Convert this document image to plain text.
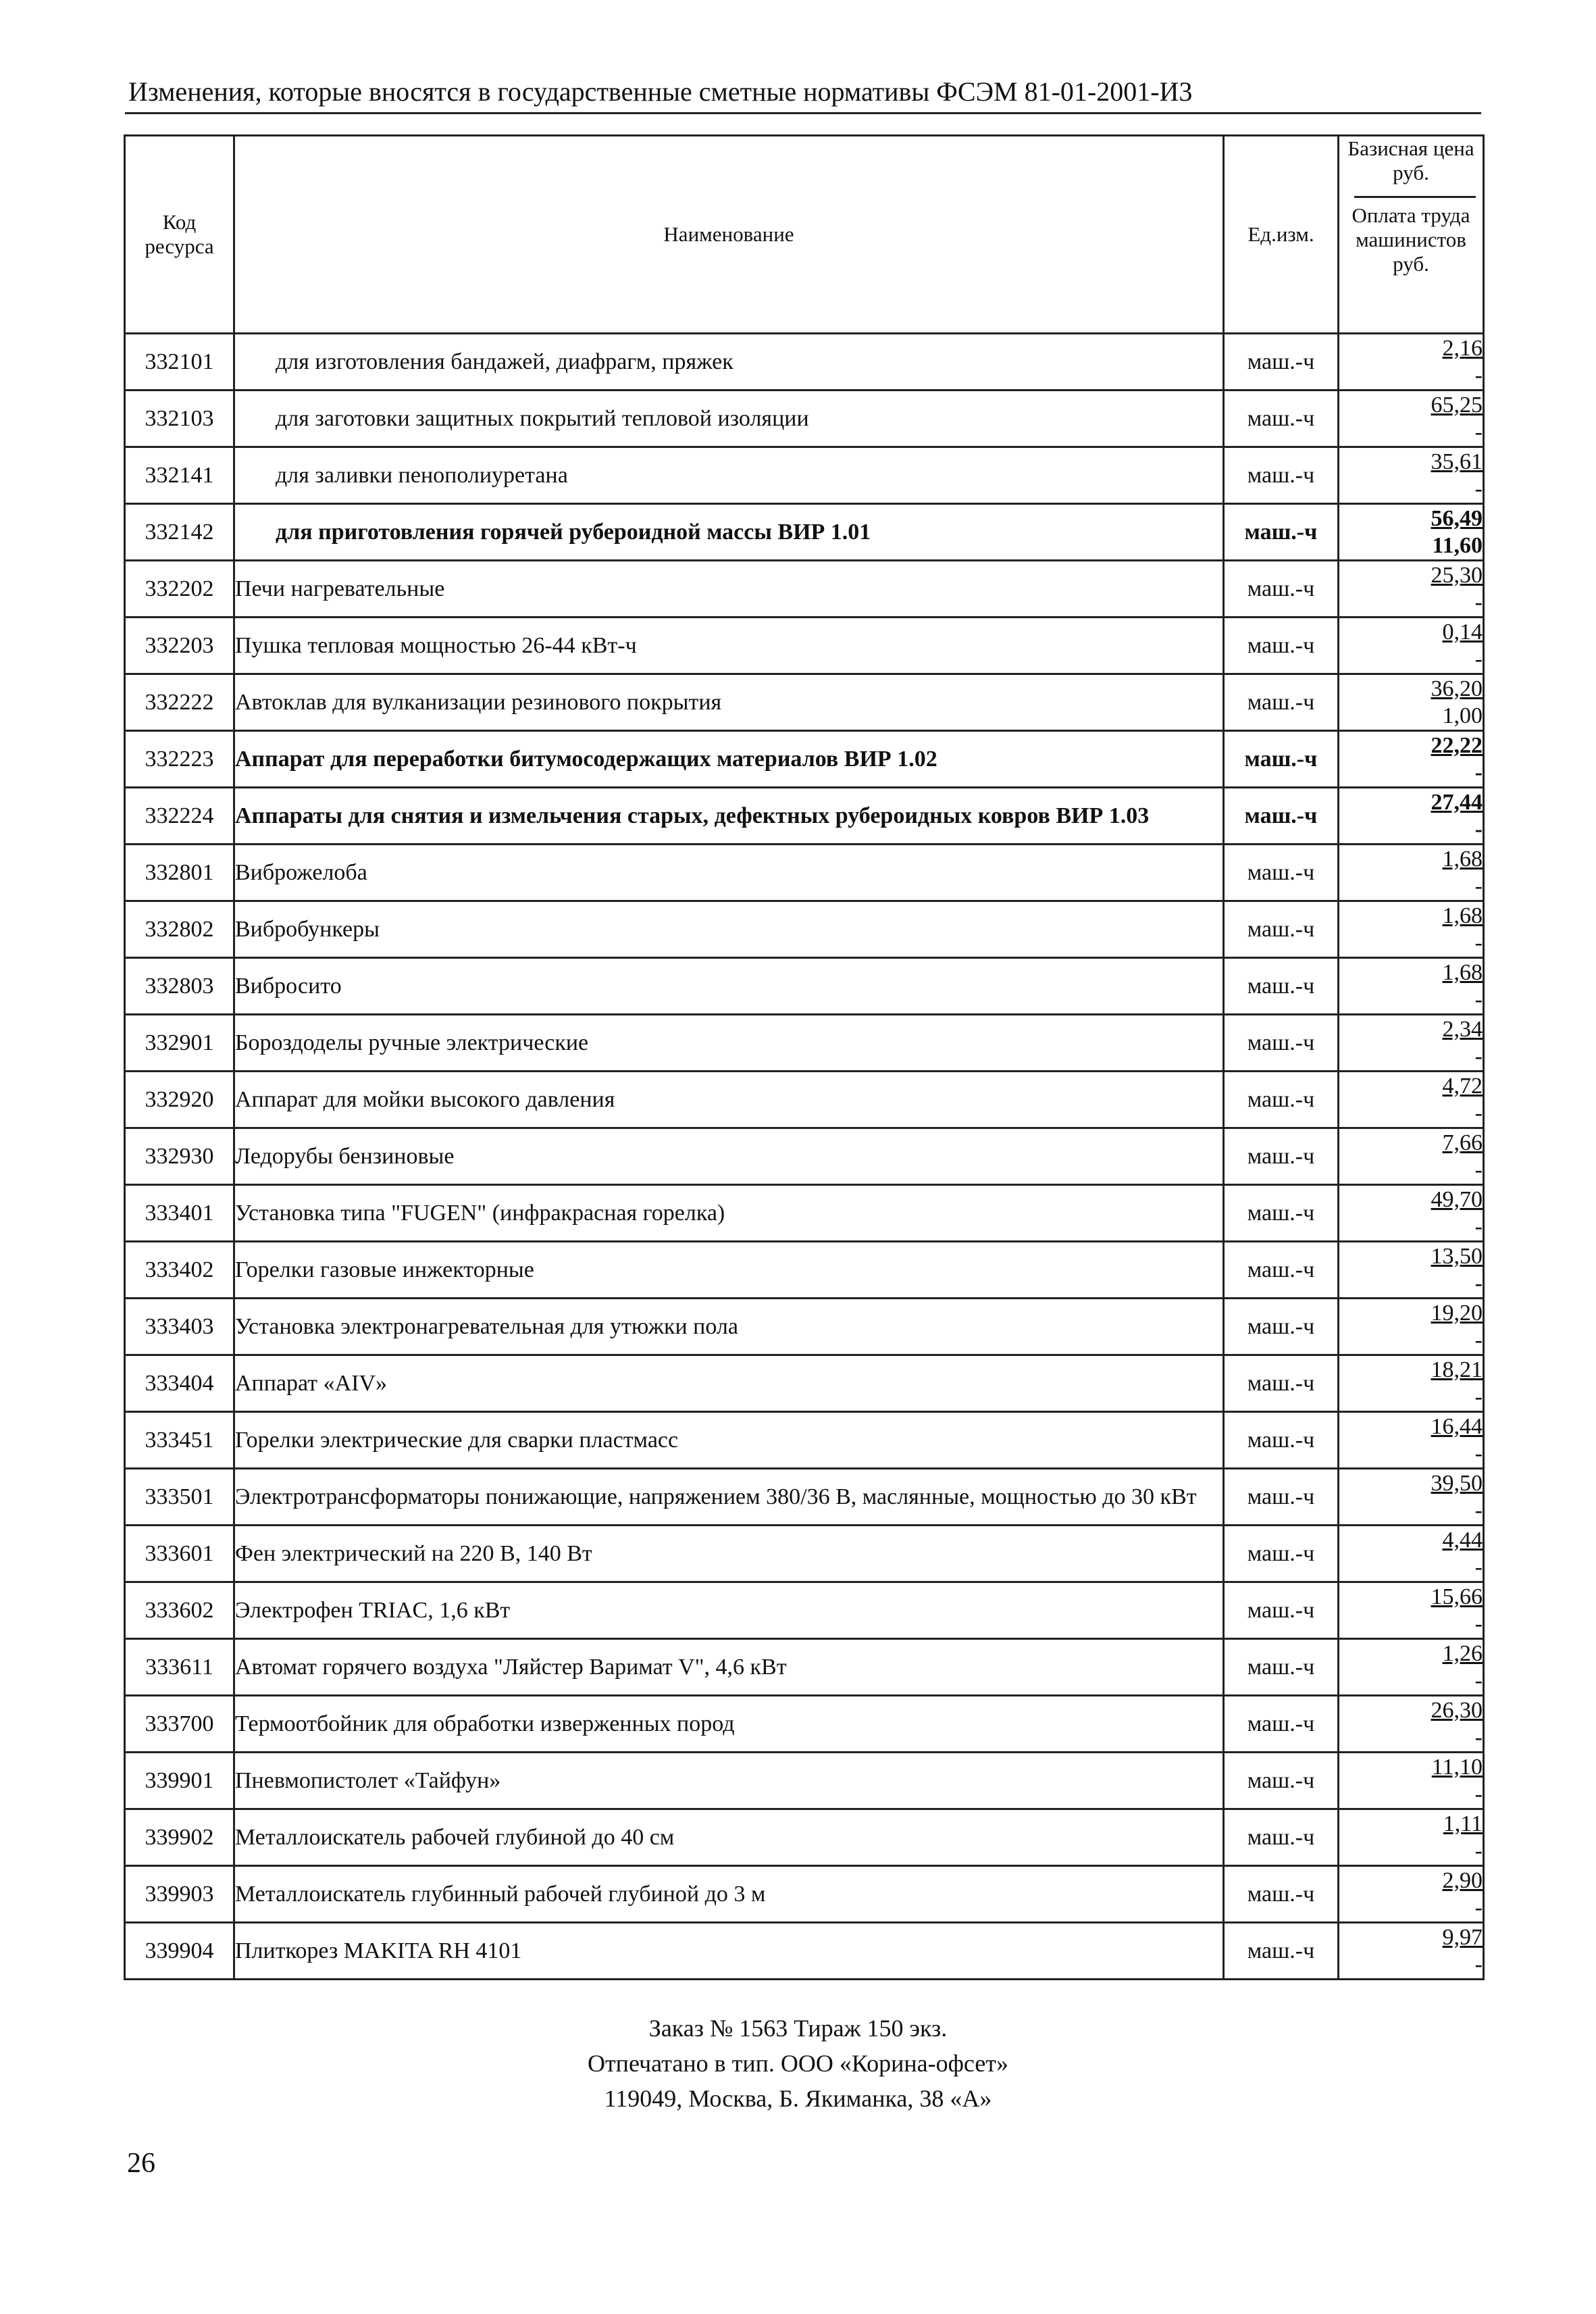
Изменения, которые вносятся в государственные сметные нормативы ФСЭМ 81-01-2001-И3
Код ресурса	Наименование	Ед.изм.	Базисная цена руб.
Оплата труда машинистов руб.

332101	для изготовления бандажей, диафрагм, пряжек	маш.-ч	2,16
-

332103	для заготовки защитных покрытий тепловой изоляции	маш.-ч	65,25
-

332141	для заливки пенополиуретана	маш.-ч	35,61
-

332142	для приготовления горячей рубероидной массы ВИР 1.01	маш.-ч	56,49
11,60

332202	Печи нагревательные	маш.-ч	25,30
-

332203	Пушка тепловая мощностью 26-44 кВт-ч	маш.-ч	0,14
-

332222	Автоклав для вулканизации резинового покрытия	маш.-ч	36,20
1,00

332223	Аппарат для переработки битумосодержащих материалов ВИР 1.02	маш.-ч	22,22
-

332224	Аппараты для снятия и измельчения старых, дефектных рубероидных ковров ВИР 1.03	маш.-ч	27,44
-

332801	Виброжелоба	маш.-ч	1,68
-

332802	Вибробункеры	маш.-ч	1,68
-

332803	Вибросито	маш.-ч	1,68
-

332901	Бороздоделы ручные электрические	маш.-ч	2,34
-

332920	Аппарат для мойки высокого давления	маш.-ч	4,72
-

332930	Ледорубы бензиновые	маш.-ч	7,66
-

333401	Установка типа "FUGEN" (инфракрасная горелка)	маш.-ч	49,70
-

333402	Горелки газовые инжекторные	маш.-ч	13,50
-

333403	Установка электронагревательная для утюжки пола	маш.-ч	19,20
-

333404	Аппарат «AIV»	маш.-ч	18,21
-

333451	Горелки электрические для сварки пластмасс	маш.-ч	16,44
-

333501	Электротрансформаторы понижающие, напряжением 380/36 В, маслянные, мощностью до 30 кВт	маш.-ч	39,50
-

333601	Фен электрический на 220 В, 140 Вт	маш.-ч	4,44
-

333602	Электрофен TRIAC, 1,6 кВт	маш.-ч	15,66
-

333611	Автомат горячего воздуха "Ляйстер Варимат V", 4,6 кВт	маш.-ч	1,26
-

333700	Термоотбойник для обработки изверженных пород	маш.-ч	26,30
-

339901	Пневмопистолет «Тайфун»	маш.-ч	11,10
-

339902	Металлоискатель рабочей глубиной до 40 см	маш.-ч	1,11
-

339903	Металлоискатель глубинный рабочей глубиной до 3 м	маш.-ч	2,90
-

339904	Плиткорез MAKITA RH 4101	маш.-ч	9,97
-
Заказ № 1563 Тираж 150 экз.
Отпечатано в тип. ООО «Корина-офсет»
119049, Москва, Б. Якиманка, 38 «А»
26
